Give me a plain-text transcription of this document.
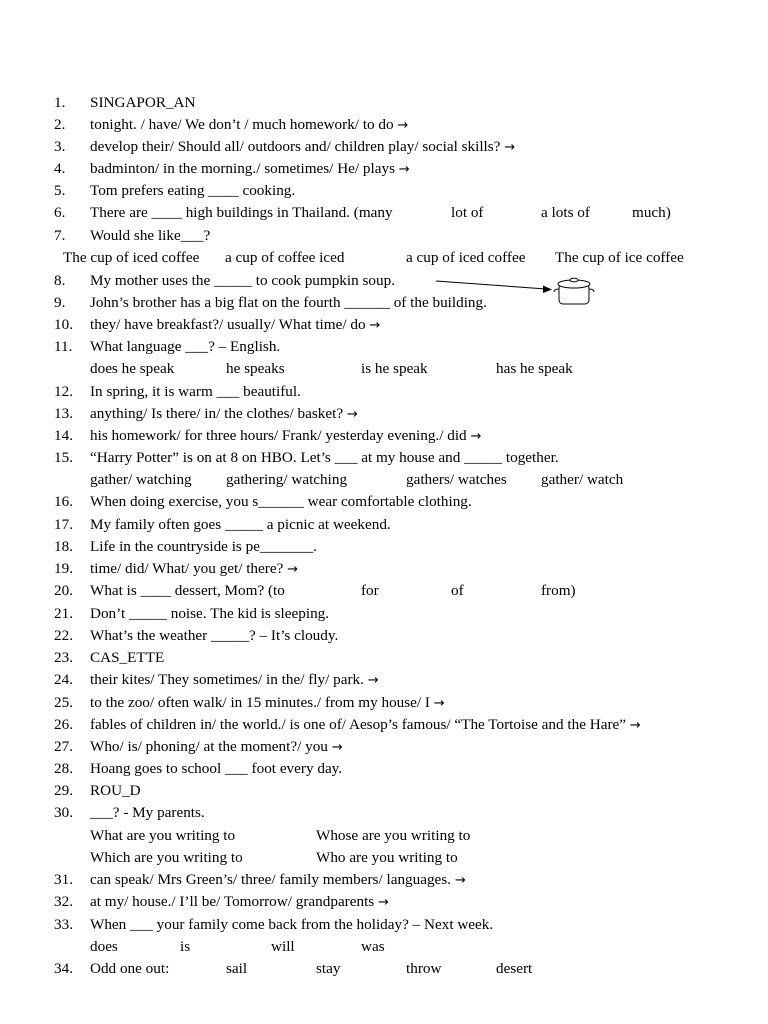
1. SINGAPOR_AN
2. tonight. / have/ We don’t / much homework/ to do →
3. develop their/ Should all/ outdoors and/ children play/ social skills? →
4. badminton/ in the morning./ sometimes/ He/ plays →
5. Tom prefers eating ____ cooking.
6. There are ____ high buildings in Thailand. (many	lot of	a lots of	much)
7. Would she like___?
The cup of iced coffee a cup of coffee iced	a cup of iced coffee The cup of ice coffee
8. My mother uses the _____ to cook pumpkin soup.
9. John’s brother has a big flat on the fourth ______ of the building.
10. they/ have breakfast?/ usually/ What time/ do →
11. What language ___? – English.
does he speak	he speaks	is he speak	has he speak
12. In spring, it is warm ___ beautiful.
13. anything/ Is there/ in/ the clothes/ basket? →
14. his homework/ for three hours/ Frank/ yesterday evening./ did →
15. “Harry Potter” is on at 8 on HBO. Let’s ___ at my house and _____ together.
gather/ watching gathering/ watching	gathers/ watches gather/ watch
16. When doing exercise, you s______ wear comfortable clothing.
17. My family often goes _____ a picnic at weekend.
18. Life in the countryside is pe_______.
19. time/ did/ What/ you get/ there? →
20. What is ____ dessert, Mom? (to	for	of	from)
21. Don’t _____ noise. The kid is sleeping.
22. What’s the weather _____? – It’s cloudy.
23. CAS_ETTE
24. their kites/ They sometimes/ in the/ fly/ park. →
25. to the zoo/ often walk/ in 15 minutes./ from my house/ I →
26. fables of children in/ the world./ is one of/ Aesop’s famous/ “The Tortoise and the Hare” →
27. Who/ is/ phoning/ at the moment?/ you →
28. Hoang goes to school ___ foot every day.
29. ROU_D
30. ___? - My parents.
What are you writing to	Whose are you writing to
Which are you writing to	Who are you writing to
31. can speak/ Mrs Green’s/ three/ family members/ languages. →
32. at my/ house./ I’ll be/ Tomorrow/ grandparents →
33. When ___ your family come back from the holiday? – Next week.
does	is	will	was
34. Odd one out:	sail	stay	throw	desert
